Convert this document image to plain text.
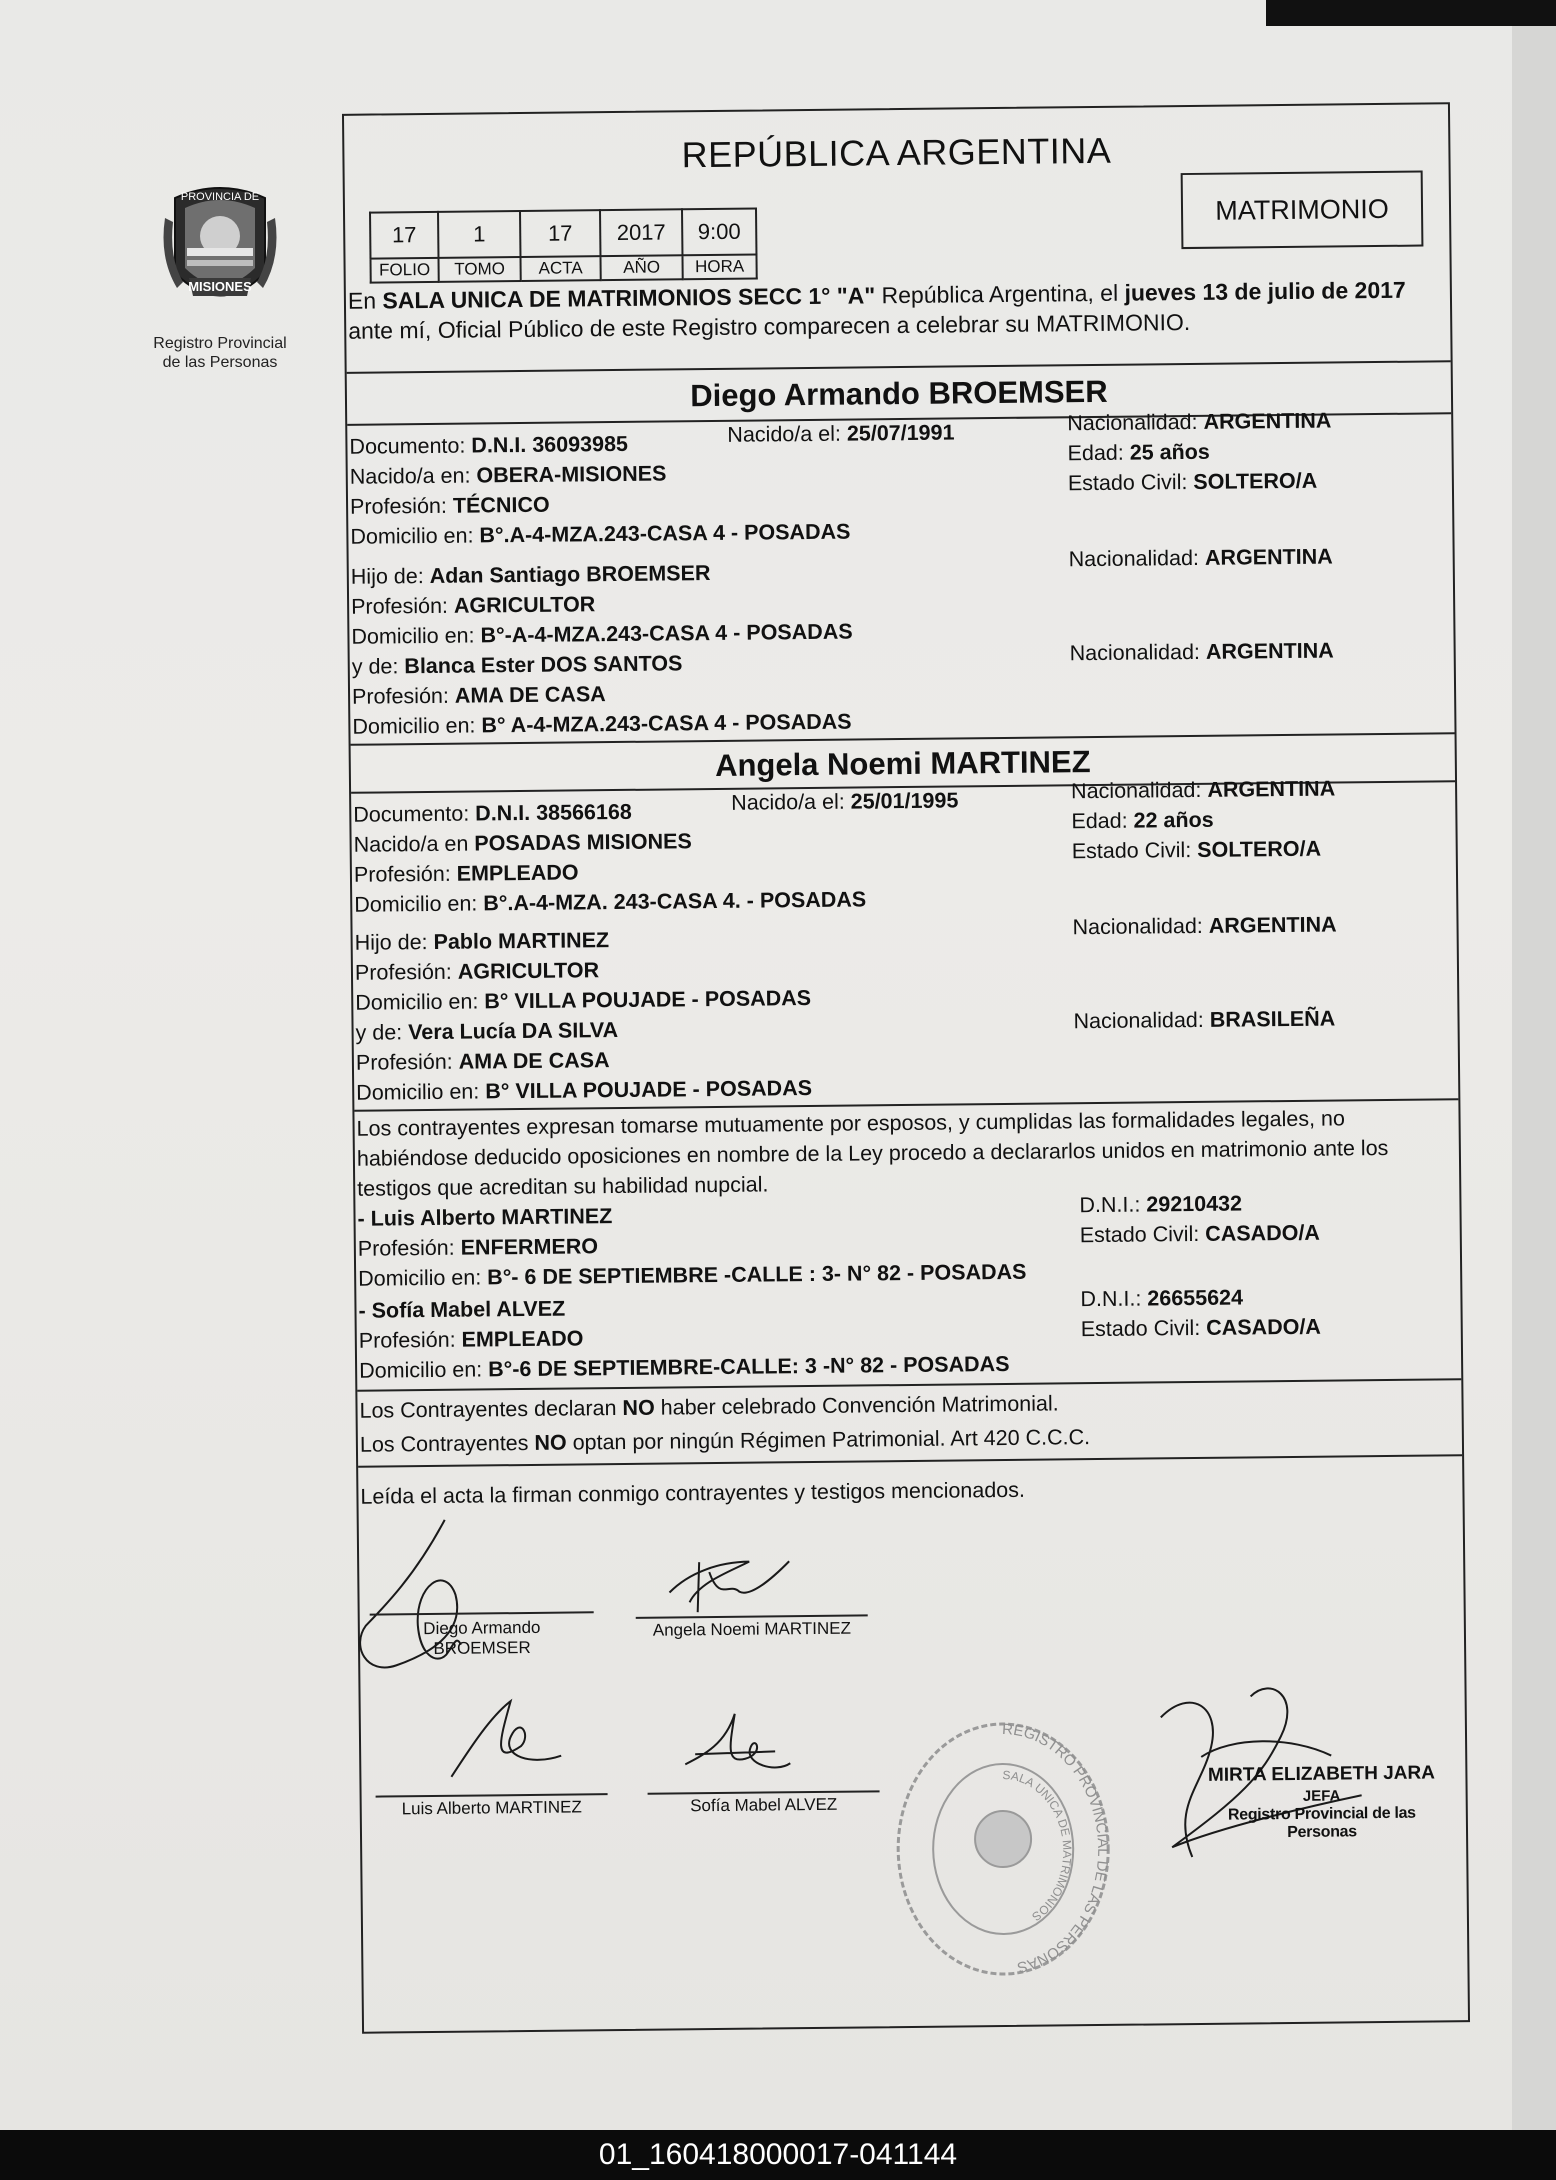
PROVINCIA DE
MISIONES
Registro Provincial
de las Personas
REPÚBLICA ARGENTINA
MATRIMONIO
17	1	17	2017	9:00
FOLIO	TOMO	ACTA	AÑO	HORA
En SALA UNICA DE MATRIMONIOS SECC 1° "A" República Argentina, el jueves 13 de julio de 2017 ante mí, Oficial Público de este Registro comparecen a celebrar su MATRIMONIO.
Diego Armando BROEMSER
Documento: D.N.I. 36093985	Nacido/a el: 25/07/1991	Nacionalidad: ARGENTINA
Edad: 25 años
Estado Civil: SOLTERO/A
Nacido/a en: OBERA-MISIONES
Profesión: TÉCNICO
Domicilio en: B°.A-4-MZA.243-CASA 4 - POSADAS
Hijo de: Adan Santiago BROEMSER
Nacionalidad: ARGENTINA
Profesión: AGRICULTOR
Domicilio en: B°-A-4-MZA.243-CASA 4 - POSADAS
y de: Blanca Ester DOS SANTOS	Nacionalidad: ARGENTINA
Profesión: AMA DE CASA
Domicilio en: B° A-4-MZA.243-CASA 4 - POSADAS
Angela Noemi MARTINEZ
Documento: D.N.I. 38566168	Nacido/a el: 25/01/1995	Nacionalidad: ARGENTINA
Edad: 22 años
Estado Civil: SOLTERO/A
Nacido/a en POSADAS MISIONES
Profesión: EMPLEADO
Domicilio en: B°.A-4-MZA. 243-CASA 4. - POSADAS
Hijo de: Pablo MARTINEZ
Nacionalidad: ARGENTINA
Profesión: AGRICULTOR
Domicilio en: B° VILLA POUJADE - POSADAS
y de: Vera Lucía DA SILVA	Nacionalidad: BRASILEÑA
Profesión: AMA DE CASA
Domicilio en: B° VILLA POUJADE - POSADAS
Los contrayentes expresan tomarse mutuamente por esposos, y cumplidas las formalidades legales, no habiéndose deducido oposiciones en nombre de la Ley procedo a declararlos unidos en matrimonio ante los testigos que acreditan su habilidad nupcial.
- Luis Alberto MARTINEZ	D.N.I.: 29210432
Estado Civil: CASADO/A
Profesión: ENFERMERO
Domicilio en: B°- 6 DE SEPTIEMBRE -CALLE : 3- N° 82 - POSADAS
- Sofía Mabel ALVEZ	D.N.I.: 26655624
Estado Civil: CASADO/A
Profesión: EMPLEADO
Domicilio en: B°-6 DE SEPTIEMBRE-CALLE: 3 -N° 82 - POSADAS
Los Contrayentes declaran NO haber celebrado Convención Matrimonial.
Los Contrayentes NO optan por ningún Régimen Patrimonial. Art 420 C.C.C.
Leída el acta la firman conmigo contrayentes y testigos mencionados.
Diego Armando
BROEMSER
Angela Noemi MARTINEZ
Luis Alberto MARTINEZ	Sofía Mabel ALVEZ
REGISTRO PROVINCIAL DE LAS PERSONAS
SALA UNICA DE MATRIMONIOS
MIRTA ELIZABETH JARA
JEFA
Registro Provincial de las Personas
01_160418000017-041144
